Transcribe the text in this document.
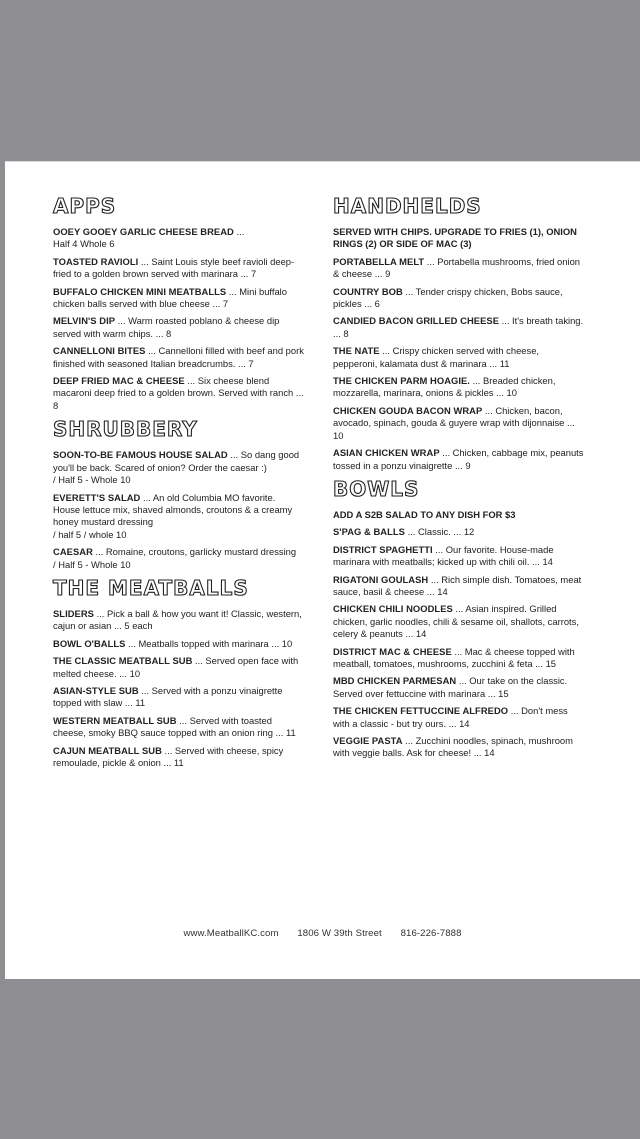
APPS
OOEY GOOEY GARLIC CHEESE BREAD ...
Half 4 Whole 6
TOASTED RAVIOLI ... Saint Louis style beef ravioli deep-fried to a golden brown served with marinara ... 7
BUFFALO CHICKEN MINI MEATBALLS ... Mini buffalo chicken balls served with blue cheese ... 7
MELVIN'S DIP ... Warm roasted poblano & cheese dip served with warm chips. ... 8
CANNELLONI BITES ... Cannelloni filled with beef and pork finished with seasoned Italian breadcrumbs. ... 7
DEEP FRIED MAC & CHEESE ... Six cheese blend macaroni deep fried to a golden brown. Served with ranch ... 8
SHRUBBERY
SOON-TO-BE FAMOUS HOUSE SALAD ... So dang good you'll be back. Scared of onion? Order the caesar :)
/ Half 5 - Whole 10
EVERETT'S SALAD ... An old Columbia MO favorite. House lettuce mix, shaved almonds, croutons & a creamy honey mustard dressing
/ half 5 / whole 10
CAESAR ... Romaine, croutons, garlicky mustard dressing
/ Half 5 - Whole 10
THE MEATBALLS
SLIDERS ... Pick a ball & how you want it! Classic, western, cajun or asian ... 5 each
BOWL O'BALLS ... Meatballs topped with marinara ... 10
THE CLASSIC MEATBALL SUB ... Served open face with melted cheese. ... 10
ASIAN-STYLE SUB ... Served with a ponzu vinaigrette topped with slaw ... 11
WESTERN MEATBALL SUB ... Served with toasted cheese, smoky BBQ sauce topped with an onion ring ... 11
CAJUN MEATBALL SUB ... Served with cheese, spicy remoulade, pickle & onion ... 11
HANDHELDS
SERVED WITH CHIPS. UPGRADE TO FRIES (1), ONION RINGS (2) OR SIDE OF MAC (3)
PORTABELLA MELT ... Portabella mushrooms, fried onion & cheese ... 9
COUNTRY BOB ... Tender crispy chicken, Bobs sauce, pickles ... 6
CANDIED BACON GRILLED CHEESE ... It's breath taking. ... 8
THE NATE ... Crispy chicken served with cheese, pepperoni, kalamata dust & marinara ... 11
THE CHICKEN PARM HOAGIE. ... Breaded chicken, mozzarella, marinara, onions & pickles ... 10
CHICKEN GOUDA BACON WRAP ... Chicken, bacon, avocado, spinach, gouda & guyere wrap with dijonnaise ... 10
ASIAN CHICKEN WRAP ... Chicken, cabbage mix, peanuts tossed in a ponzu vinaigrette ... 9
BOWLS
ADD A S2B SALAD TO ANY DISH FOR $3
S'PAG & BALLS ... Classic. ... 12
DISTRICT SPAGHETTI ... Our favorite. House-made marinara with meatballs; kicked up with chili oil. ... 14
RIGATONI GOULASH ... Rich simple dish. Tomatoes, meat sauce, basil & cheese ... 14
CHICKEN CHILI NOODLES ... Asian inspired. Grilled chicken, garlic noodles, chili & sesame oil, shallots, carrots, celery & peanuts ... 14
DISTRICT MAC & CHEESE ... Mac & cheese topped with meatball, tomatoes, mushrooms, zucchini & feta ... 15
MBD CHICKEN PARMESAN ... Our take on the classic. Served over fettuccine with marinara ... 15
THE CHICKEN FETTUCCINE ALFREDO ... Don't mess with a classic - but try ours. ... 14
VEGGIE PASTA ... Zucchini noodles, spinach, mushroom with veggie balls. Ask for cheese! ... 14
www.MeatballKC.com 1806 W 39th Street 816-226-7888
